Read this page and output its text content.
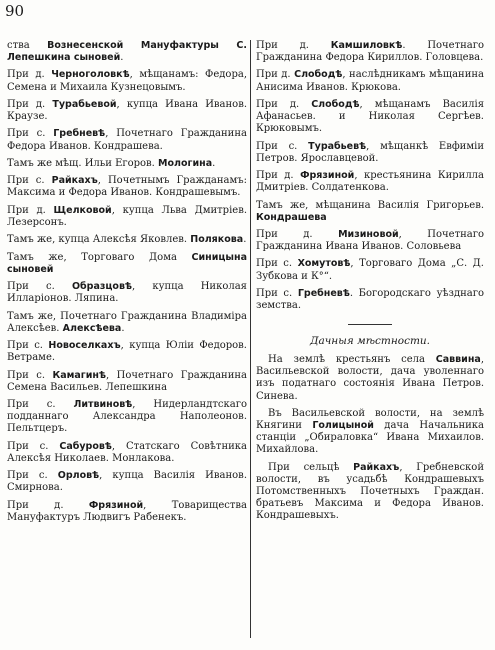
90
ства Вознесенской Мануфактуры С. Лепешкина сыновей.
При д. Черноголовкѣ, мѣщанамъ: Федора, Семена и Михаила Кузнецовымъ.
При д. Турабьевой, купца Ивана Иванов. Краузе.
При с. Гребневѣ, Почетнаго Гражданина Федора Иванов. Кондрашева.
Тамъ же мѣщ. Ильи Егоров. Мологина.
При с. Райкахъ, Почетнымъ Гражданамъ: Максима и Федора Иванов. Кондрашевымъ.
При д. Щелковой, купца Льва Дмитріев. Лезерсонъ.
Тамъ же, купца Алексѣя Яковлев. Полякова.
Тамъ же, Торговаго Дома Синицына сыновей
При с. Образцовѣ, купца Николая Илларіонов. Ляпина.
Тамъ же, Почетнаго Гражданина Владиміра Алексѣев. Алексѣева.
При с. Новоселкахъ, купца Юліи Федоров. Ветраме.
При с. Камагинѣ, Почетнаго Гражданина Семена Васильев. Лепешкина
При с. Литвиновѣ, Нидерландтскаго подданнаго Александра Наполеонов. Пельтцеръ.
При с. Сабуровѣ, Статскаго Совѣтника Алексѣя Николаев. Монлакова.
При с. Орловѣ, купца Василія Иванов. Смирнова.
При д. Фрязиной, Товарищества Мануфактуръ Людвигъ Рабенекъ.
При д. Камшиловкѣ. Почетнаго Гражданина Федора Кириллов. Головцева.
При д. Слободѣ, наслѣдникамъ мѣщанина Анисима Иванов. Крюкова.
При д. Слободѣ, мѣщанамъ Василія Афанасьев. и Николая Сергѣев. Крюковымъ.
При с. Турабьевѣ, мѣщанкѣ Евфиміи Петров. Ярославцевой.
При д. Фрязиной, крестьянина Кирилла Дмитріев. Солдатенкова.
Тамъ же, мѣщанина Василія Григорьев. Кондрашева
При д. Мизиновой, Почетнаго Гражданина Ивана Иванов. Соловьева
При с. Хомутовѣ, Торговаго Дома „С. Д. Зубкова и К°“.
При с. Гребневѣ. Богородскаго уѣзднаго земства.
Дачныя мѣстности.
На землѣ крестьянъ села Саввина, Васильевской волости, дача уволеннаго изъ податнаго состоянія Ивана Петров. Синева.
Въ Васильевской волости, на землѣ Княгини Голицыной дача Начальника станціи „Обираловка“ Ивана Михаилов. Михайлова.
При сельцѣ Райкахъ, Гребневской волости, въ усадьбѣ Кондрашевыхъ Потомственныхъ Почетныхъ Граждан. братьевъ Максима и Федора Иванов. Кондрашевыхъ.
